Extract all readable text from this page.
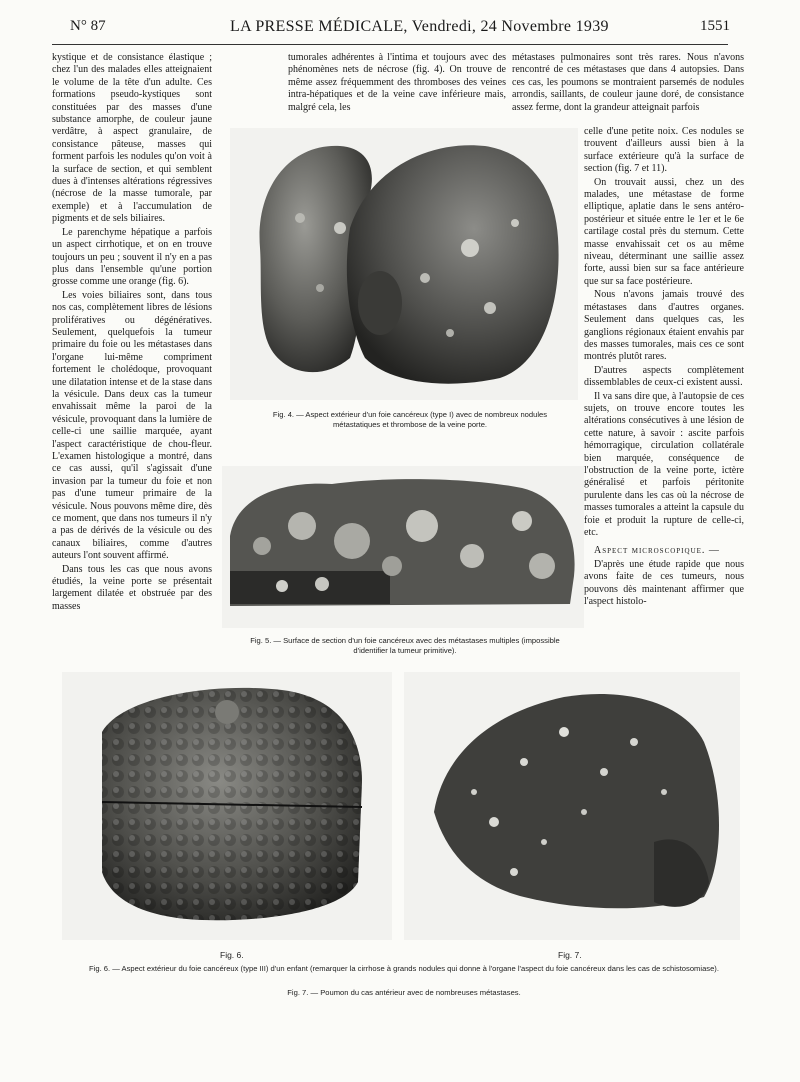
N° 87	LA PRESSE MÉDICALE, Vendredi, 24 Novembre 1939	1551

kystique et de consistance élastique ; chez l'un des malades elles atteignaient le volume de la tête d'un adulte. Ces formations pseudo-kystiques sont constituées par des masses d'une substance amorphe, de couleur jaune verdâtre, à aspect granulaire, de consistance pâteuse, masses qui forment parfois les nodules qu'on voit à la surface de section, et qui semblent dues à d'intenses altérations régressives (nécrose de la masse tumorale, par exemple) et à l'accumulation de pigments et de sels biliaires.

Le parenchyme hépatique a parfois un aspect cirrhotique, et on en trouve toujours un peu ; souvent il n'y en a pas plus dans l'ensemble qu'une portion grosse comme une orange (fig. 6).

Les voies biliaires sont, dans tous nos cas, complètement libres de lésions prolifératives ou dégénératives. Seulement, quelquefois la tumeur primaire du foie ou les métastases dans l'organe lui-même compriment fortement le cholédoque, provoquant une dilatation intense et de la stase dans la vésicule. Dans deux cas la tumeur envahissait même la paroi de la vésicule, provoquant dans la lumière de celle-ci une saillie marquée, ayant l'aspect caractéristique de chou-fleur. L'examen histologique a montré, dans ce cas aussi, qu'il s'agissait d'une invasion par la tumeur du foie et non pas d'une tumeur primaire de la vésicule. Nous pouvons même dire, dès ce moment, que dans nos tumeurs il n'y a pas de dérivés de la vésicule ou des canaux biliaires, comme d'autres auteurs l'ont souvent affirmé.

Dans tous les cas que nous avons étudiés, la veine porte se présentait largement dilatée et obstruée par des masses

tumorales adhérentes à l'intima et toujours avec des phénomènes nets de nécrose (fig. 4). On trouve de même assez fréquemment des thromboses des veines intra-hépatiques et de la veine cave inférieure mais, malgré cela, les

métastases pulmonaires sont très rares. Nous n'avons rencontré de ces métastases que dans 4 autopsies. Dans ces cas, les poumons se montraient parsemés de nodules arrondis, saillants, de couleur jaune doré, de consistance assez ferme, dont la grandeur atteignait parfois

celle d'une petite noix. Ces nodules se trouvent d'ailleurs aussi bien à la surface extérieure qu'à la surface de section (fig. 7 et 11).

On trouvait aussi, chez un des malades, une métastase de forme elliptique, aplatie dans le sens antéro-postérieur et située entre le 1er et le 6e cartilage costal près du sternum. Cette masse envahissait cet os au même niveau, déterminant une saillie assez forte, aussi bien sur sa face antérieure que sur sa face postérieure.

Nous n'avons jamais trouvé des métastases dans d'autres organes. Seulement dans quelques cas, les ganglions régionaux étaient envahis par des masses tumorales, mais ces ce sont montrés plutôt rares.

D'autres aspects complètement dissemblables de ceux-ci existent aussi.

Il va sans dire que, à l'autopsie de ces sujets, on trouve encore toutes les altérations consécutives à une lésion de cette nature, à savoir : ascite parfois hémorragique, circulation collatérale bien marquée, conséquence de l'obstruction de la veine porte, ictère généralisé et parfois péritonite purulente dans les cas où la nécrose de masses tumorales a atteint la capsule du foie et produit la rupture de celle-ci, etc.

Aspect microscopique. —

D'après une étude rapide que nous avons faite de ces tumeurs, nous pouvons dès maintenant affirmer que l'aspect histolo-

Fig. 4. — Aspect extérieur d'un foie cancéreux (type I) avec de nombreux nodules métastatiques et thrombose de la veine porte.
Fig. 5. — Surface de section d'un foie cancéreux avec des métastases multiples (impossible d'identifier la tumeur primitive).
Fig. 6.	Fig. 7.
Fig. 6. — Aspect extérieur du foie cancéreux (type III) d'un enfant (remarquer la cirrhose à grands nodules qui donne à l'organe l'aspect du foie cancéreux dans les cas de schistosomiase).
Fig. 7. — Poumon du cas antérieur avec de nombreuses métastases.
